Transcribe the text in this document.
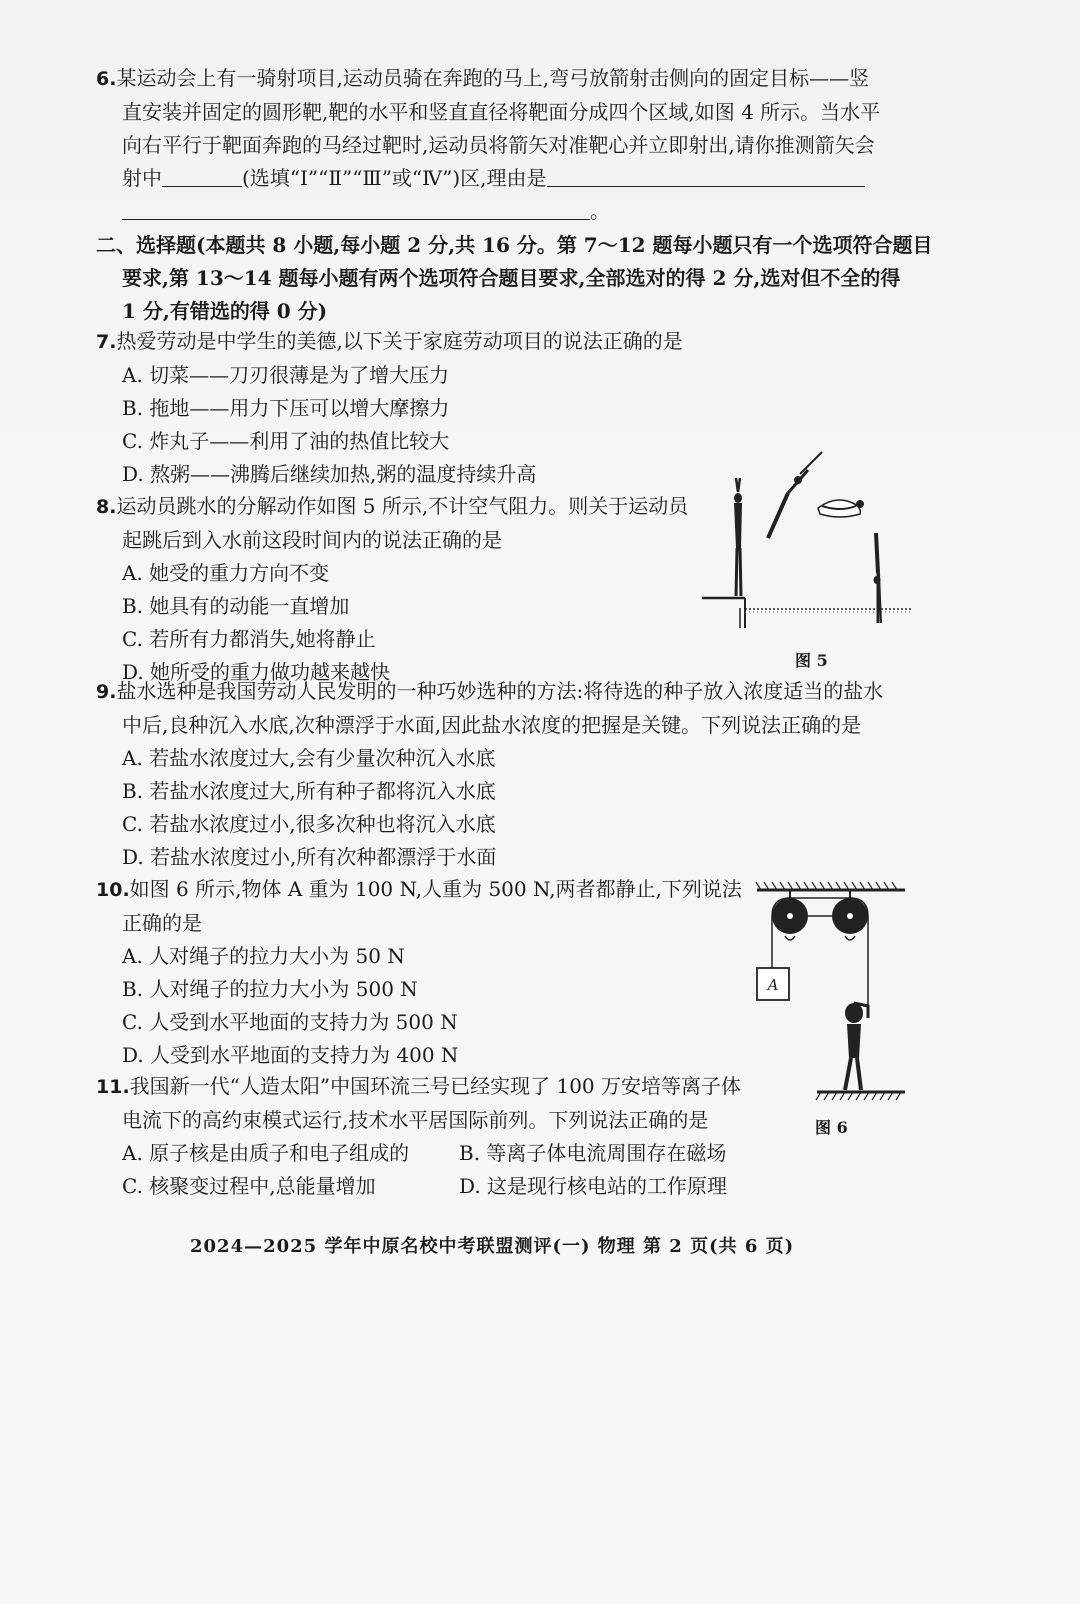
6.某运动会上有一骑射项目,运动员骑在奔跑的马上,弯弓放箭射击侧向的固定目标——竖
直安装并固定的圆形靶,靶的水平和竖直直径将靶面分成四个区域,如图 4 所示。当水平
向右平行于靶面奔跑的马经过靶时,运动员将箭矢对准靶心并立即射出,请你推测箭矢会
射中	(选填“Ⅰ”“Ⅱ”“Ⅲ”或“Ⅳ”)区,理由是
。
二、选择题(本题共 8 小题,每小题 2 分,共 16 分。第 7～12 题每小题只有一个选项符合题目
要求,第 13～14 题每小题有两个选项符合题目要求,全部选对的得 2 分,选对但不全的得
1 分,有错选的得 0 分)
7.热爱劳动是中学生的美德,以下关于家庭劳动项目的说法正确的是
A. 切菜——刀刃很薄是为了增大压力
B. 拖地——用力下压可以增大摩擦力
C. 炸丸子——利用了油的热值比较大
D. 熬粥——沸腾后继续加热,粥的温度持续升高
8.运动员跳水的分解动作如图 5 所示,不计空气阻力。则关于运动员
起跳后到入水前这段时间内的说法正确的是
A. 她受的重力方向不变
B. 她具有的动能一直增加
C. 若所有力都消失,她将静止
D. 她所受的重力做功越来越快	图 5
9.盐水选种是我国劳动人民发明的一种巧妙选种的方法:将待选的种子放入浓度适当的盐水
中后,良种沉入水底,次种漂浮于水面,因此盐水浓度的把握是关键。下列说法正确的是
A. 若盐水浓度过大,会有少量次种沉入水底
B. 若盐水浓度过大,所有种子都将沉入水底
C. 若盐水浓度过小,很多次种也将沉入水底
D. 若盐水浓度过小,所有次种都漂浮于水面
10.如图 6 所示,物体 A 重为 100 N,人重为 500 N,两者都静止,下列说法
正确的是
A. 人对绳子的拉力大小为 50 N
B. 人对绳子的拉力大小为 500 N
C. 人受到水平地面的支持力为 500 N
D. 人受到水平地面的支持力为 400 N
A
图 6
11.我国新一代“人造太阳”中国环流三号已经实现了 100 万安培等离子体
电流下的高约束模式运行,技术水平居国际前列。下列说法正确的是
A. 原子核是由质子和电子组成的	B. 等离子体电流周围存在磁场
C. 核聚变过程中,总能量增加	D. 这是现行核电站的工作原理
2024—2025 学年中原名校中考联盟测评(一) 物理 第 2 页(共 6 页)
